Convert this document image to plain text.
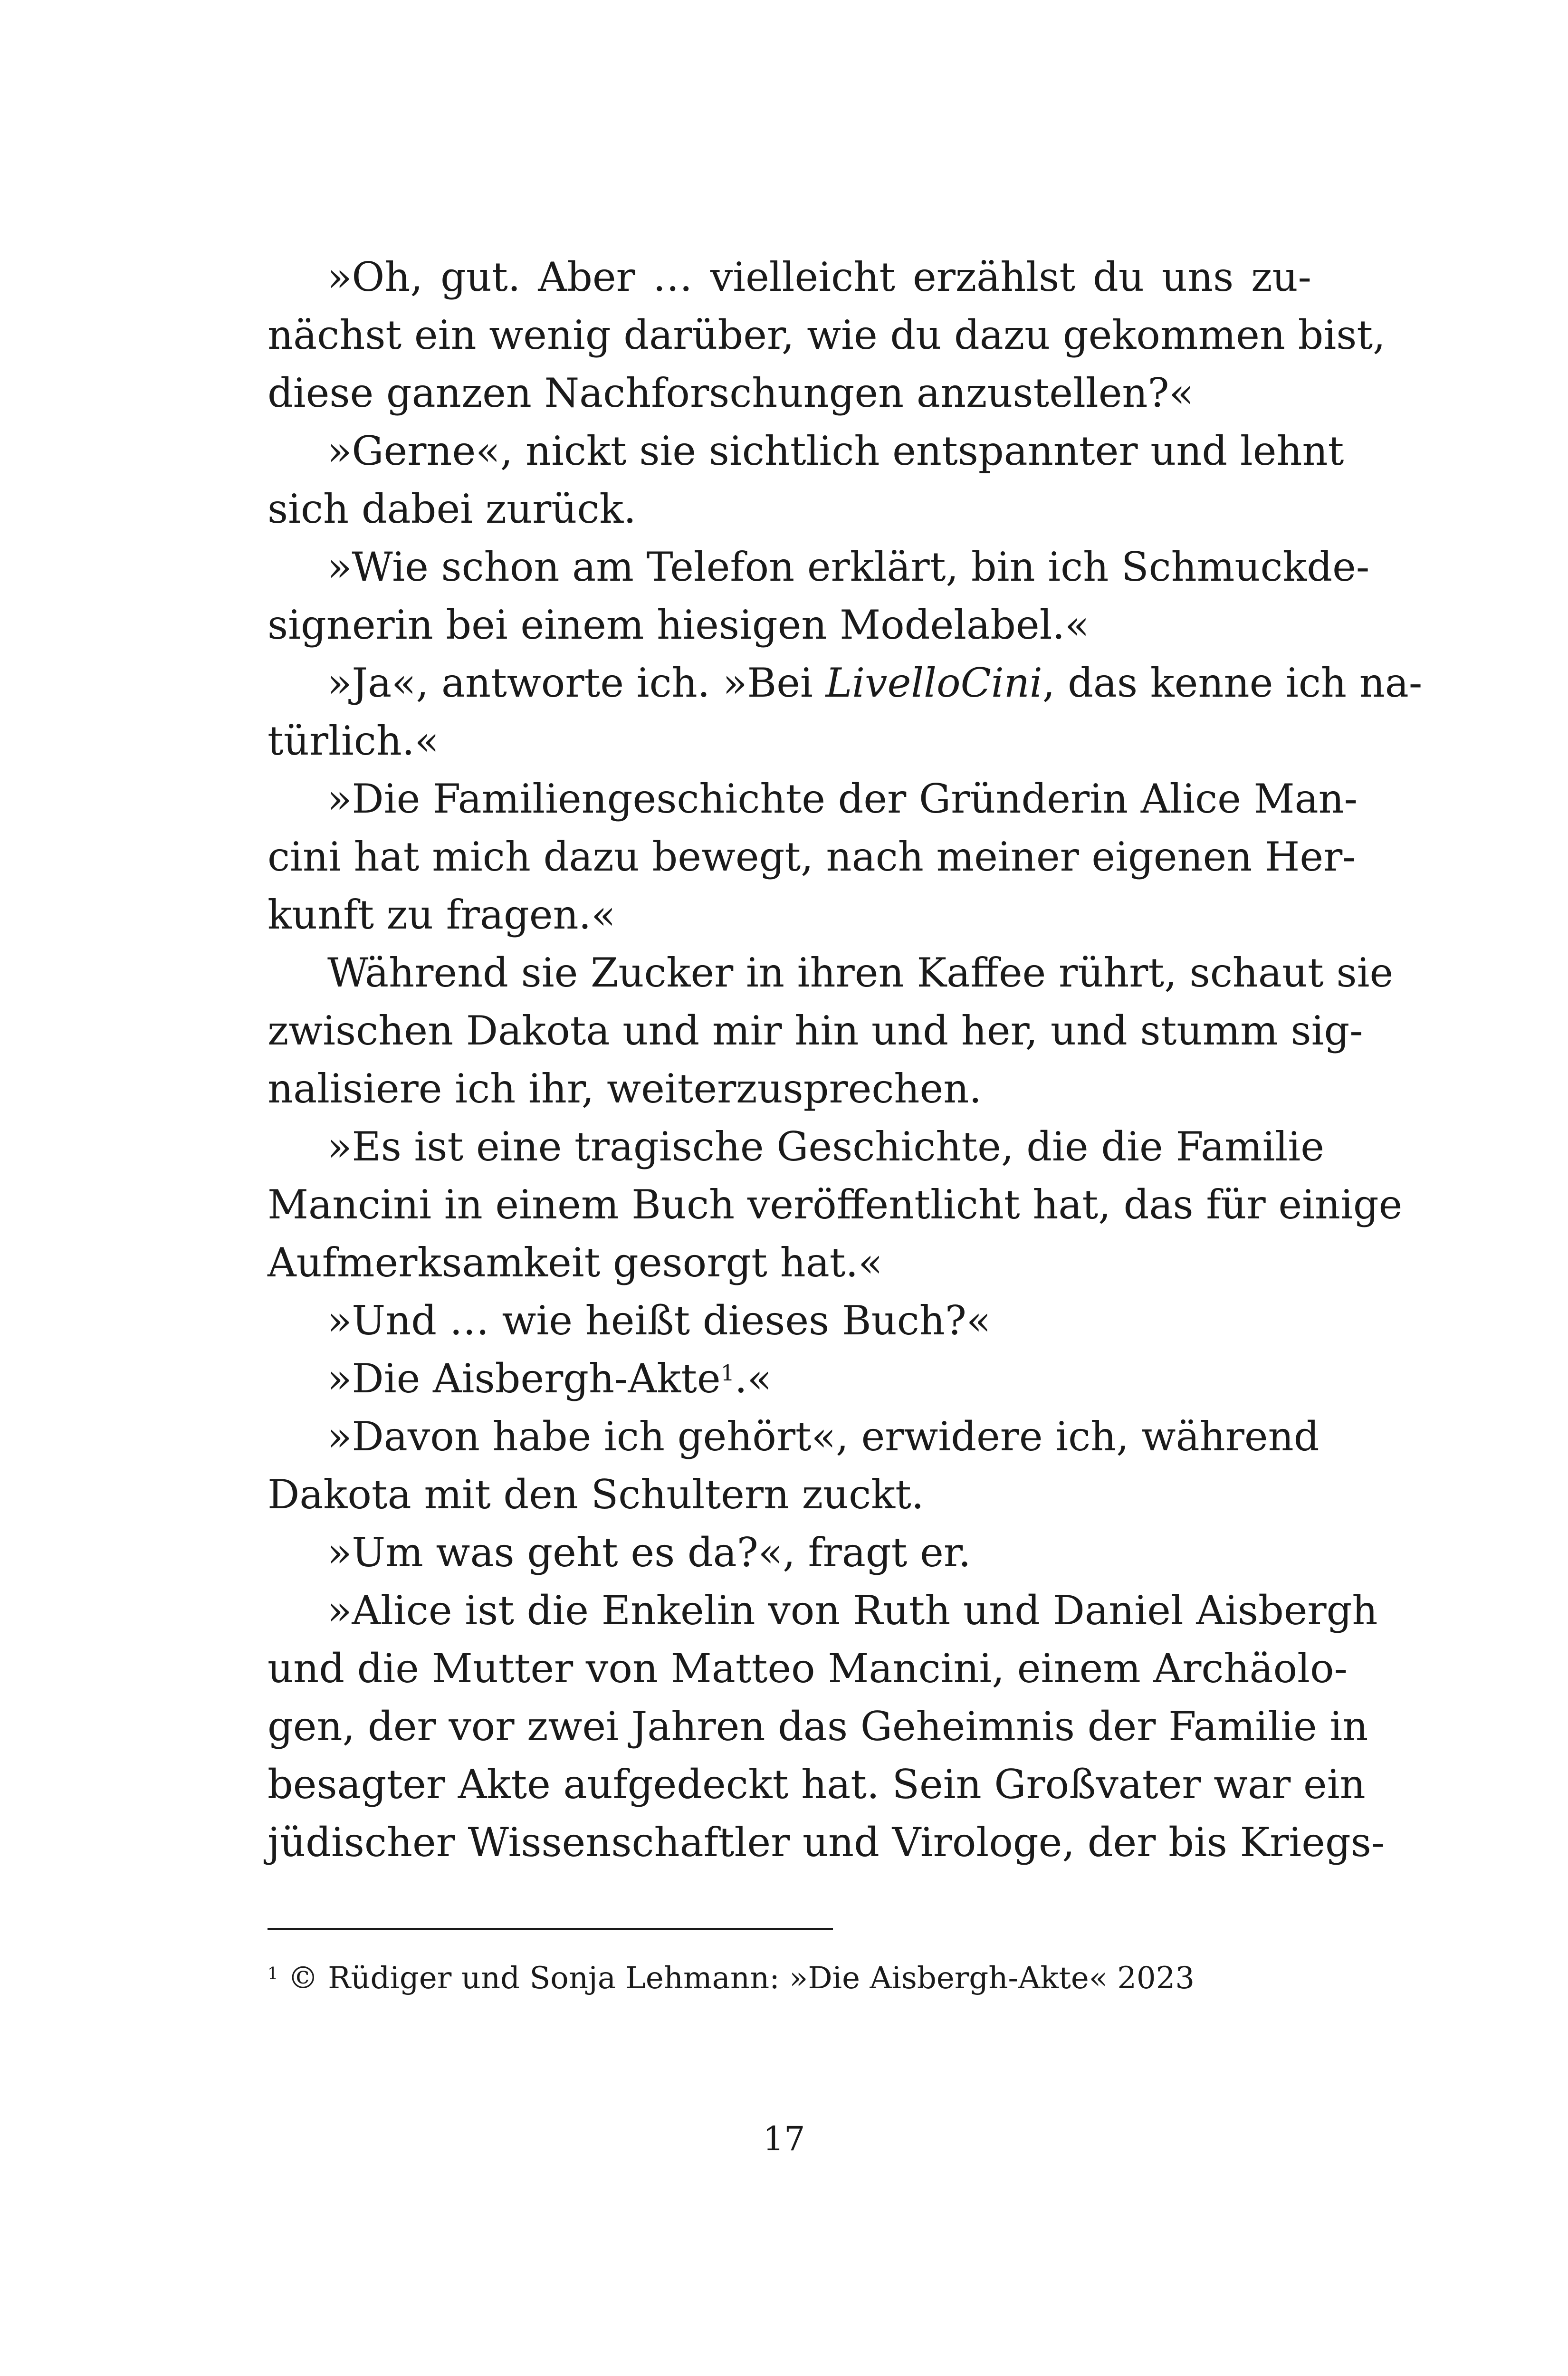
»Oh, gut. Aber … vielleicht erzählst du uns zu-
nächst ein wenig darüber, wie du dazu gekommen bist,
diese ganzen Nachforschungen anzustellen?«
»Gerne«, nickt sie sichtlich entspannter und lehnt
sich dabei zurück.
»Wie schon am Telefon erklärt, bin ich Schmuckde-
signerin bei einem hiesigen Modelabel.«
»Ja«, antworte ich. »Bei LivelloCini, das kenne ich na-
türlich.«
»Die Familiengeschichte der Gründerin Alice Man-
cini hat mich dazu bewegt, nach meiner eigenen Her-
kunft zu fragen.«
Während sie Zucker in ihren Kaffee rührt, schaut sie
zwischen Dakota und mir hin und her, und stumm sig-
nalisiere ich ihr, weiterzusprechen.
»Es ist eine tragische Geschichte, die die Familie
Mancini in einem Buch veröffentlicht hat, das für einige
Aufmerksamkeit gesorgt hat.«
»Und … wie heißt dieses Buch?«
»Die Aisbergh-Akte$^1$.«
»Davon habe ich gehört«, erwidere ich, während
Dakota mit den Schultern zuckt.
»Um was geht es da?«, fragt er.
»Alice ist die Enkelin von Ruth und Daniel Aisbergh
und die Mutter von Matteo Mancini, einem Archäolo-
gen, der vor zwei Jahren das Geheimnis der Familie in
besagter Akte aufgedeckt hat. Sein Großvater war ein
jüdischer Wissenschaftler und Virologe, der bis Kriegs-
$^1$ © Rüdiger und Sonja Lehmann: »Die Aisbergh-Akte« 2023
17
